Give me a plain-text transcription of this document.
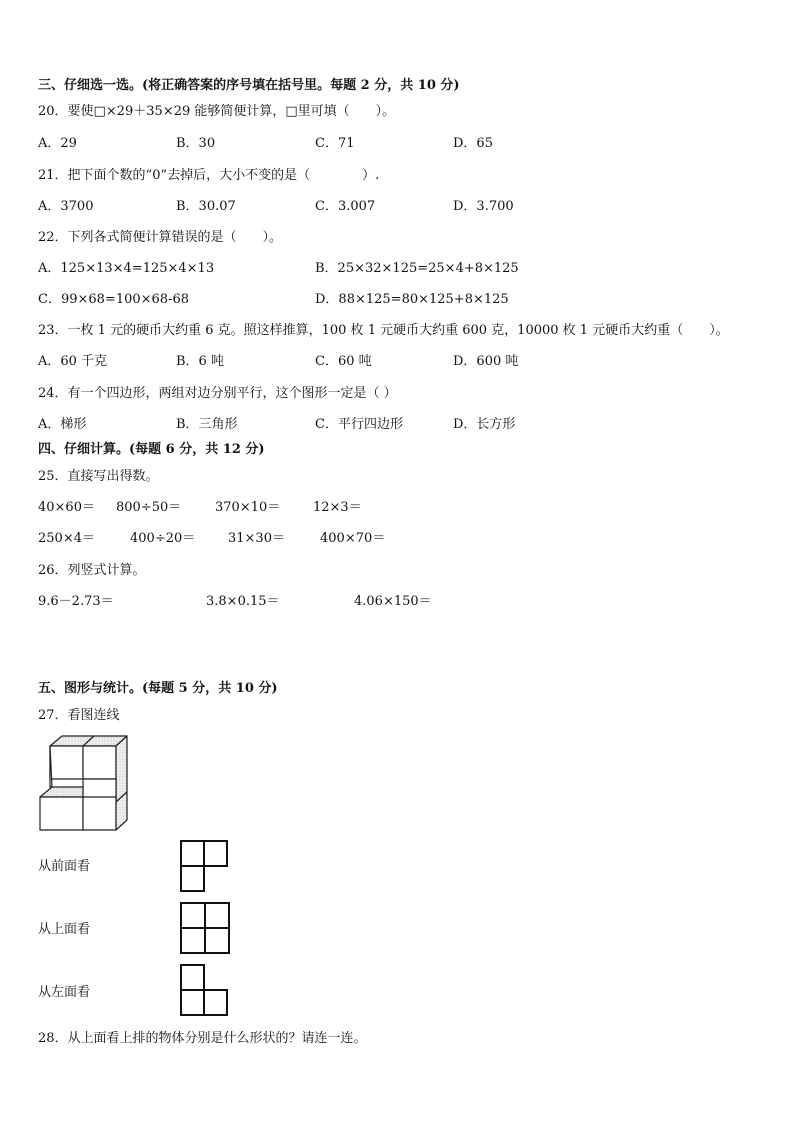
三、仔细选一选。(将正确答案的序号填在括号里。每题 2 分，共 10 分)
20．要使□×29＋35×29 能够简便计算，□里可填（　　）。
A．29	B．30	C．71	D．65
21．把下面个数的“0”去掉后，大小不变的是（　　　　）.
A．3700	B．30.07	C．3.007	D．3.700
22．下列各式简便计算错误的是（　　）。
A．125×13×4=125×4×13	B．25×32×125=25×4+8×125
C．99×68=100×68-68	D．88×125=80×125+8×125
23．一枚 1 元的硬币大约重 6 克。照这样推算，100 枚 1 元硬币大约重 600 克，10000 枚 1 元硬币大约重（　　）。
A．60 千克	B．6 吨	C．60 吨	D．600 吨
24．有一个四边形，两组对边分别平行，这个图形一定是（ ）
A．梯形	B．三角形	C．平行四边形	D．长方形
四、仔细计算。(每题 6 分，共 12 分)
25．直接写出得数。
40×60＝ 800÷50＝	370×10＝	12×3＝
250×4＝	400÷20＝	31×30＝	400×70＝
26．列竖式计算。
9.6－2.73＝	3.8×0.15＝	4.06×150＝
五、图形与统计。(每题 5 分，共 10 分)
27．看图连线
从前面看
从上面看
从左面看
28．从上面看上排的物体分别是什么形状的？请连一连。
